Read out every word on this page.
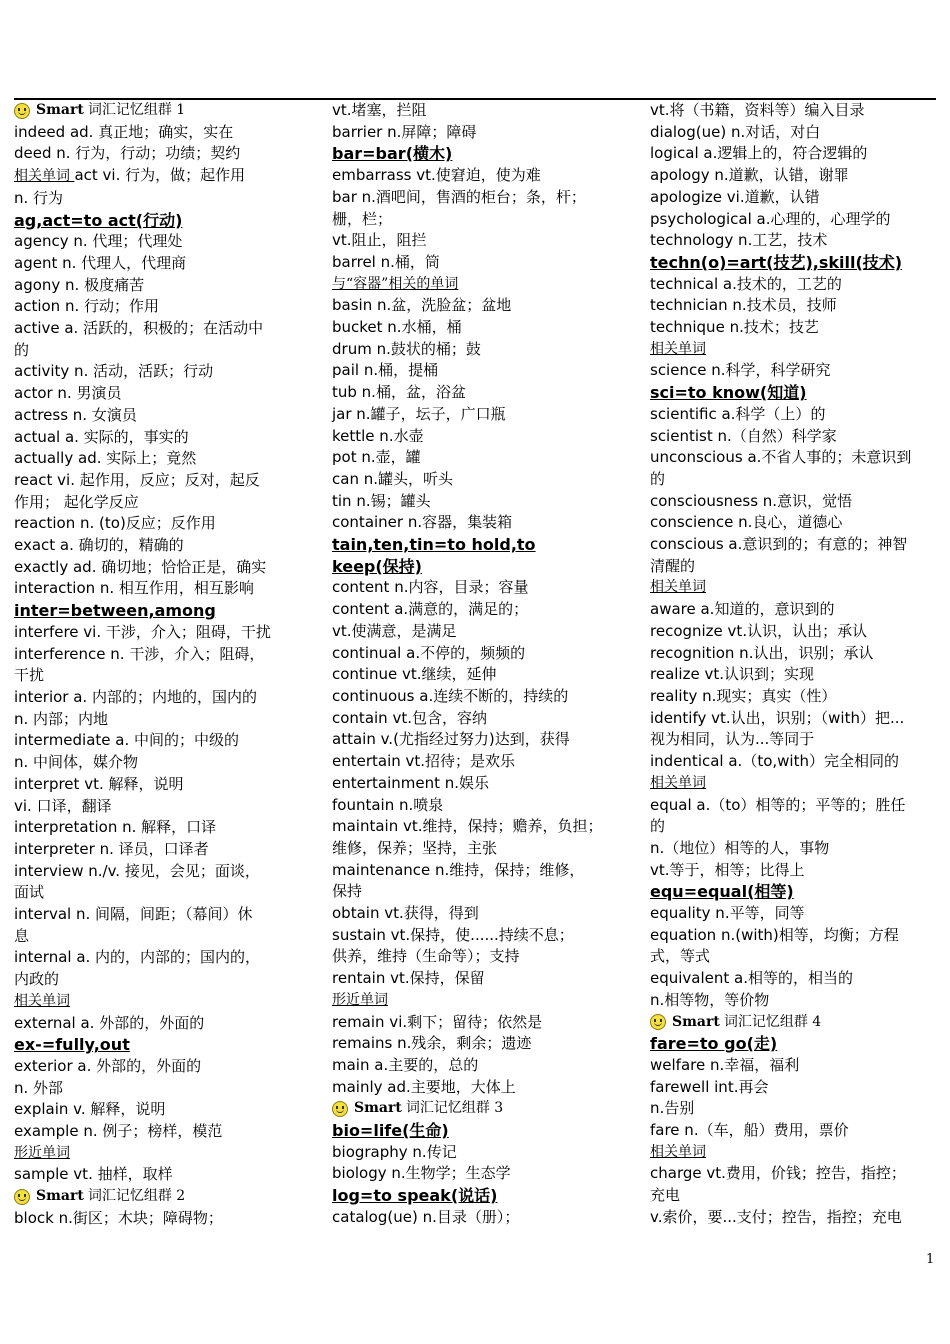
Smart 词汇记忆组群 1
indeed ad. 真正地；确实，实在
deed n. 行为，行动；功绩；契约
相关单词 act vi. 行为，做；起作用
n. 行为
ag,act=to act(行动)
agency n. 代理；代理处
agent n. 代理人，代理商
agony n. 极度痛苦
action n. 行动；作用
active a. 活跃的，积极的；在活动中
的
activity n. 活动，活跃；行动
actor n. 男演员
actress n. 女演员
actual a. 实际的，事实的
actually ad. 实际上；竟然
react vi. 起作用，反应；反对，起反
作用； 起化学反应
reaction n. (to)反应；反作用
exact a. 确切的，精确的
exactly ad. 确切地；恰恰正是，确实
interaction n. 相互作用，相互影响
inter=between,among
interfere vi. 干涉，介入；阻碍，干扰
interference n. 干涉，介入；阻碍，
干扰
interior a. 内部的；内地的，国内的
n. 内部；内地
intermediate a. 中间的；中级的
n. 中间体，媒介物
interpret vt. 解释，说明
vi. 口译，翻译
interpretation n. 解释，口译
interpreter n. 译员，口译者
interview n./v. 接见，会见；面谈，
面试
interval n. 间隔，间距；（幕间）休
息
internal a. 内的，内部的；国内的，
内政的
相关单词
external a. 外部的，外面的
ex-=fully,out
exterior a. 外部的，外面的
n. 外部
explain v. 解释，说明
example n. 例子；榜样，模范
形近单词
sample vt. 抽样，取样
Smart 词汇记忆组群 2
block n.街区；木块；障碍物；
vt.堵塞，拦阻
barrier n.屏障；障碍
bar=bar(横木)
embarrass vt.使窘迫，使为难
bar n.酒吧间，售酒的柜台；条，杆；
栅，栏；
vt.阻止，阻拦
barrel n.桶，筒
与“容器”相关的单词
basin n.盆，洗脸盆；盆地
bucket n.水桶，桶
drum n.鼓状的桶；鼓
pail n.桶，提桶
tub n.桶，盆，浴盆
jar n.罐子，坛子，广口瓶
kettle n.水壶
pot n.壶，罐
can n.罐头，听头
tin n.锡；罐头
container n.容器，集装箱
tain,ten,tin=to hold,to
keep(保持)
content n.内容，目录；容量
content a.满意的，满足的；
vt.使满意，是满足
continual a.不停的，频频的
continue vt.继续，延伸
continuous a.连续不断的，持续的
contain vt.包含，容纳
attain v.(尤指经过努力)达到，获得
entertain vt.招待；是欢乐
entertainment n.娱乐
fountain n.喷泉
maintain vt.维持，保持；赡养，负担；
维修，保养；坚持，主张
maintenance n.维持，保持；维修，
保持
obtain vt.获得，得到
sustain vt.保持，使......持续不息；
供养，维持（生命等）；支持
rentain vt.保持，保留
形近单词
remain vi.剩下；留待；依然是
remains n.残余，剩余；遗迹
main a.主要的，总的
mainly ad.主要地，大体上
Smart 词汇记忆组群 3
bio=life(生命)
biography n.传记
biology n.生物学；生态学
log=to speak(说话)
catalog(ue) n.目录（册）；
vt.将（书籍，资料等）编入目录
dialog(ue) n.对话，对白
logical a.逻辑上的，符合逻辑的
apology n.道歉，认错，谢罪
apologize vi.道歉，认错
psychological a.心理的，心理学的
technology n.工艺，技术
techn(o)=art(技艺),skill(技术)
technical a.技术的，工艺的
technician n.技术员，技师
technique n.技术；技艺
相关单词
science n.科学，科学研究
sci=to know(知道)
scientific a.科学（上）的
scientist n.（自然）科学家
unconscious a.不省人事的；未意识到
的
consciousness n.意识，觉悟
conscience n.良心，道德心
conscious a.意识到的；有意的；神智
清醒的
相关单词
aware a.知道的，意识到的
recognize vt.认识，认出；承认
recognition n.认出，识别；承认
realize vt.认识到；实现
reality n.现实；真实（性）
identify vt.认出，识别；（with）把...
视为相同，认为...等同于
indentical a.（to,with）完全相同的
相关单词
equal a.（to）相等的；平等的；胜任
的
n.（地位）相等的人，事物
vt.等于，相等；比得上
equ=equal(相等)
equality n.平等，同等
equation n.(with)相等，均衡；方程
式，等式
equivalent a.相等的，相当的
n.相等物，等价物
Smart 词汇记忆组群 4
fare=to go(走)
welfare n.幸福，福利
farewell int.再会
n.告别
fare n.（车，船）费用，票价
相关单词
charge vt.费用，价钱；控告，指控；
充电
v.索价，要...支付；控告，指控；充电
1
